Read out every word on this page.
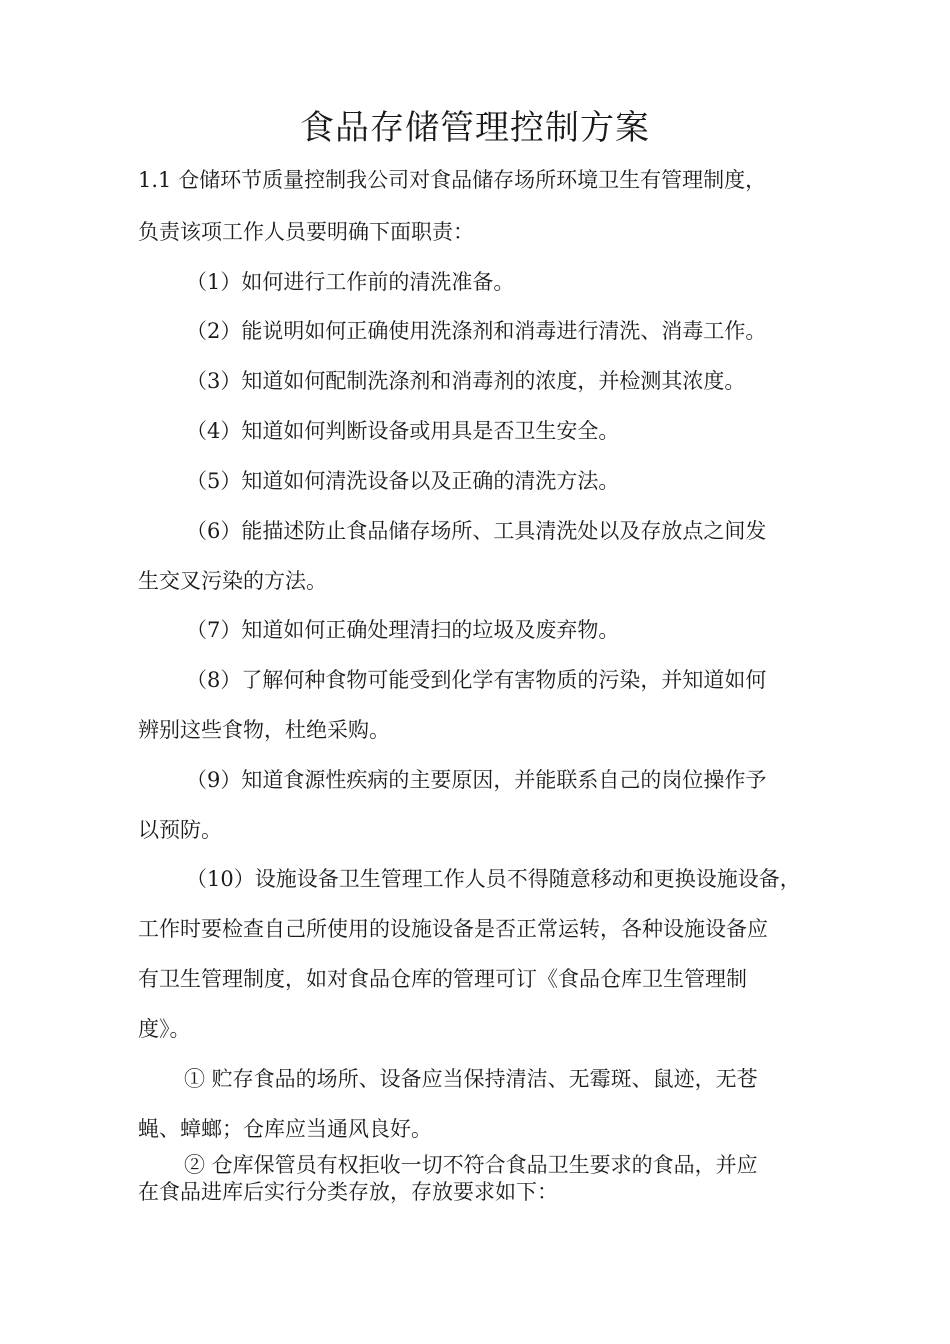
食品存储管理控制方案
1.1 仓储环节质量控制我公司对食品储存场所环境卫生有管理制度，
负责该项工作人员要明确下面职责：
（1）如何进行工作前的清洗准备。
（2）能说明如何正确使用洗涤剂和消毒进行清洗、消毒工作。
（3）知道如何配制洗涤剂和消毒剂的浓度，并检测其浓度。
（4）知道如何判断设备或用具是否卫生安全。
（5）知道如何清洗设备以及正确的清洗方法。
（6）能描述防止食品储存场所、工具清洗处以及存放点之间发
生交叉污染的方法。
（7）知道如何正确处理清扫的垃圾及废弃物。
（8）了解何种食物可能受到化学有害物质的污染，并知道如何
辨别这些食物，杜绝采购。
（9）知道食源性疾病的主要原因，并能联系自己的岗位操作予
以预防。
（10）设施设备卫生管理工作人员不得随意移动和更换设施设备，
工作时要检查自己所使用的设施设备是否正常运转，各种设施设备应
有卫生管理制度，如对食品仓库的管理可订《食品仓库卫生管理制
度》。
① 贮存食品的场所、设备应当保持清洁、无霉斑、鼠迹，无苍
蝇、蟑螂；仓库应当通风良好。
② 仓库保管员有权拒收一切不符合食品卫生要求的食品，并应
在食品进库后实行分类存放，存放要求如下：
